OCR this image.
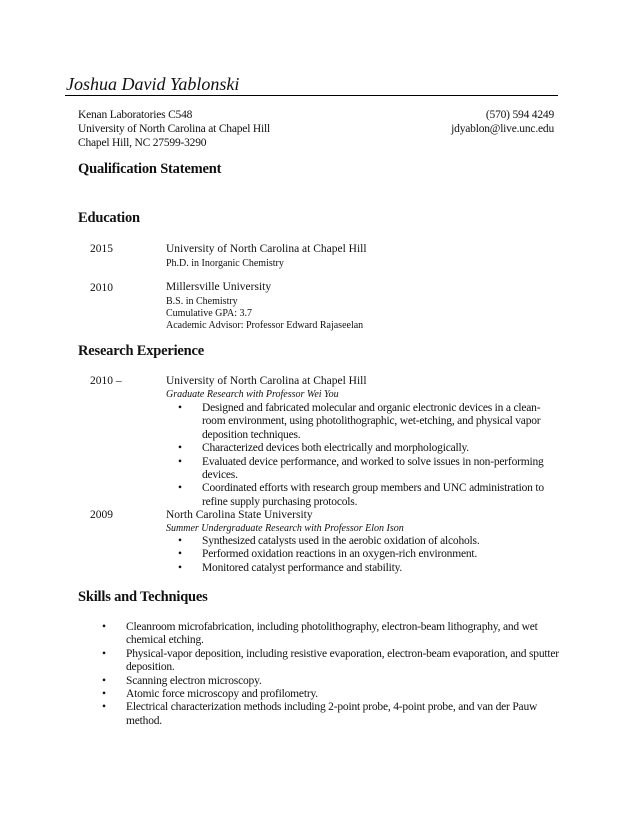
Joshua David Yablonski
Kenan Laboratories C548
University of North Carolina at Chapel Hill
Chapel Hill, NC 27599-3290
(570) 594 4249
jdyablon@live.unc.edu
Qualification Statement
Education
2015	University of North Carolina at Chapel Hill
Ph.D. in Inorganic Chemistry
2010	Millersville University
B.S. in Chemistry
Cumulative GPA: 3.7
Academic Advisor: Professor Edward Rajaseelan
Research Experience
2010 –	University of North Carolina at Chapel Hill
Graduate Research with Professor Wei You
• Designed and fabricated molecular and organic electronic devices in a clean-room environment, using photolithographic, wet-etching, and physical vapor deposition techniques.
• Characterized devices both electrically and morphologically.
• Evaluated device performance, and worked to solve issues in non-performing devices.
• Coordinated efforts with research group members and UNC administration to refine supply purchasing protocols.
2009	North Carolina State University
Summer Undergraduate Research with Professor Elon Ison
• Synthesized catalysts used in the aerobic oxidation of alcohols.
• Performed oxidation reactions in an oxygen-rich environment.
• Monitored catalyst performance and stability.
Skills and Techniques
• Cleanroom microfabrication, including photolithography, electron-beam lithography, and wet chemical etching.
• Physical-vapor deposition, including resistive evaporation, electron-beam evaporation, and sputter deposition.
• Scanning electron microscopy.
• Atomic force microscopy and profilometry.
• Electrical characterization methods including 2-point probe, 4-point probe, and van der Pauw method.
